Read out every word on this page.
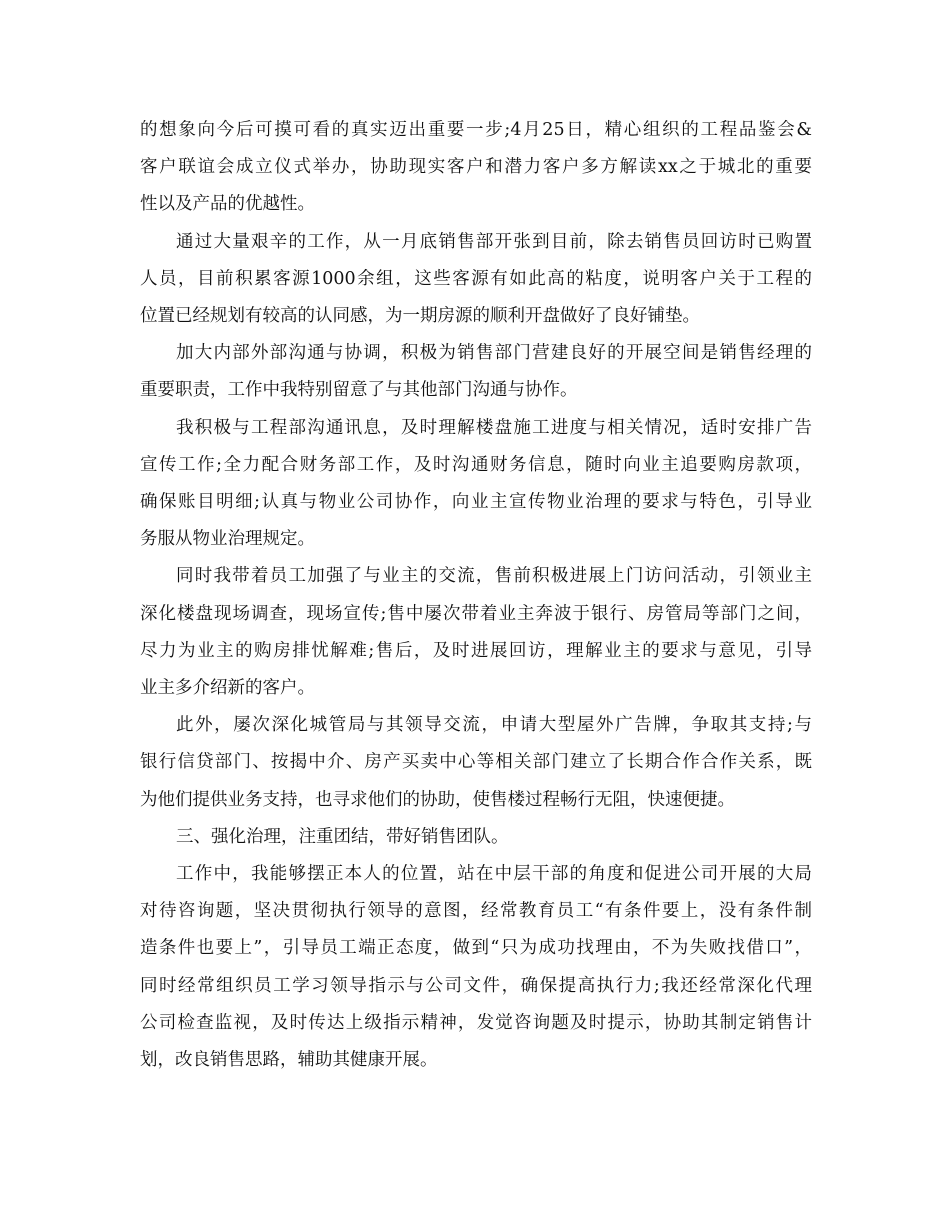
的想象向今后可摸可看的真实迈出重要一步;4月25日，精心组织的工程品鉴会&
客户联谊会成立仪式举办，协助现实客户和潜力客户多方解读xx之于城北的重要
性以及产品的优越性。
通过大量艰辛的工作，从一月底销售部开张到目前，除去销售员回访时已购置
人员，目前积累客源1000余组，这些客源有如此高的粘度，说明客户关于工程的
位置已经规划有较高的认同感，为一期房源的顺利开盘做好了良好铺垫。
加大内部外部沟通与协调，积极为销售部门营建良好的开展空间是销售经理的
重要职责，工作中我特别留意了与其他部门沟通与协作。
我积极与工程部沟通讯息，及时理解楼盘施工进度与相关情况，适时安排广告
宣传工作;全力配合财务部工作，及时沟通财务信息，随时向业主追要购房款项，
确保账目明细;认真与物业公司协作，向业主宣传物业治理的要求与特色，引导业
务服从物业治理规定。
同时我带着员工加强了与业主的交流，售前积极进展上门访问活动，引领业主
深化楼盘现场调查，现场宣传;售中屡次带着业主奔波于银行、房管局等部门之间，
尽力为业主的购房排忧解难;售后，及时进展回访，理解业主的要求与意见，引导
业主多介绍新的客户。
此外，屡次深化城管局与其领导交流，申请大型屋外广告牌，争取其支持;与
银行信贷部门、按揭中介、房产买卖中心等相关部门建立了长期合作合作关系，既
为他们提供业务支持，也寻求他们的协助，使售楼过程畅行无阻，快速便捷。
三、强化治理，注重团结，带好销售团队。
工作中，我能够摆正本人的位置，站在中层干部的角度和促进公司开展的大局
对待咨询题，坚决贯彻执行领导的意图，经常教育员工“有条件要上，没有条件制
造条件也要上”，引导员工端正态度，做到“只为成功找理由，不为失败找借口”，
同时经常组织员工学习领导指示与公司文件，确保提高执行力;我还经常深化代理
公司检查监视，及时传达上级指示精神，发觉咨询题及时提示，协助其制定销售计
划，改良销售思路，辅助其健康开展。
